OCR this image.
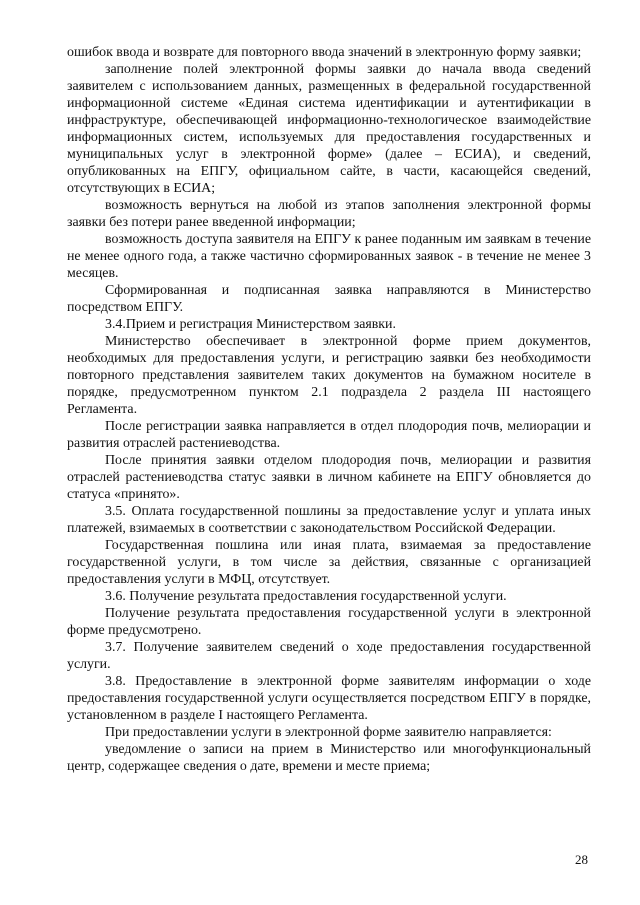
ошибок ввода и возврате для повторного ввода значений в электронную форму заявки;

заполнение полей электронной формы заявки до начала ввода сведений заявителем с использованием данных, размещенных в федеральной государственной информационной системе «Единая система идентификации и аутентификации в инфраструктуре, обеспечивающей информационно-технологическое взаимодействие информационных систем, используемых для предоставления государственных и муниципальных услуг в электронной форме» (далее – ЕСИА), и сведений, опубликованных на ЕПГУ, официальном сайте, в части, касающейся сведений, отсутствующих в ЕСИА;

возможность вернуться на любой из этапов заполнения электронной формы заявки без потери ранее введенной информации;

возможность доступа заявителя на ЕПГУ к ранее поданным им заявкам в течение не менее одного года, а также частично сформированных заявок - в течение не менее 3 месяцев.

Сформированная и подписанная заявка направляются в Министерство посредством ЕПГУ.

3.4.Прием и регистрация Министерством заявки.

Министерство обеспечивает в электронной форме прием документов, необходимых для предоставления услуги, и регистрацию заявки без необходимости повторного представления заявителем таких документов на бумажном носителе в порядке, предусмотренном пунктом 2.1 подраздела 2 раздела III настоящего Регламента.

После регистрации заявка направляется в отдел плодородия почв, мелиорации и развития отраслей растениеводства.

После принятия заявки отделом плодородия почв, мелиорации и развития отраслей растениеводства статус заявки в личном кабинете на ЕПГУ обновляется до статуса «принято».

3.5. Оплата государственной пошлины за предоставление услуг и уплата иных платежей, взимаемых в соответствии с законодательством Российской Федерации.

Государственная пошлина или иная плата, взимаемая за предоставление государственной услуги, в том числе за действия, связанные с организацией предоставления услуги в МФЦ, отсутствует.

3.6. Получение результата предоставления государственной услуги.

Получение результата предоставления государственной услуги в электронной форме предусмотрено.

3.7. Получение заявителем сведений о ходе предоставления государственной услуги.

3.8. Предоставление в электронной форме заявителям информации о ходе предоставления государственной услуги осуществляется посредством ЕПГУ в порядке, установленном в разделе I настоящего Регламента.

При предоставлении услуги в электронной форме заявителю направляется:

уведомление о записи на прием в Министерство или многофункциональный центр, содержащее сведения о дате, времени и месте приема;

28
